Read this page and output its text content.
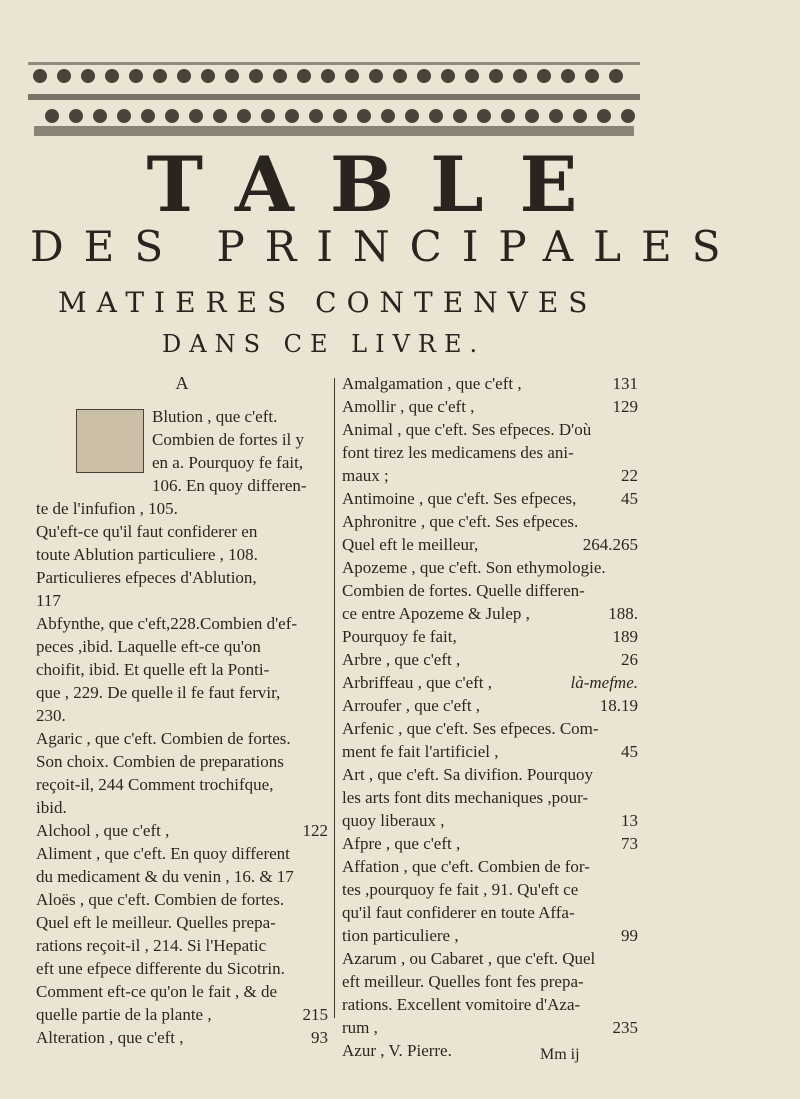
TABLE
DES PRINCIPALES
MATIERES CONTENVES
DANS CE LIVRE.
A
Blution , que c'eft.
Combien de fortes il y
en a. Pourquoy fe fait,
106. En quoy differen-
te de l'infufion , 105.
Qu'eft-ce qu'il faut confiderer en
toute Ablution particuliere , 108.
Particulieres efpeces d'Ablution,
117
Abfynthe, que c'eft,228.Combien d'ef-
peces ,ibid. Laquelle eft-ce qu'on
choifit, ibid. Et quelle eft la Ponti-
que , 229. De quelle il fe faut fervir,
230.
Agaric , que c'eft. Combien de fortes.
Son choix. Combien de preparations
reçoit-il, 244 Comment trochifque,
ibid.
Alchool , que c'eft ,	122
Aliment , que c'eft. En quoy different
du medicament & du venin , 16. & 17
Aloës , que c'eft. Combien de fortes.
Quel eft le meilleur. Quelles prepa-
rations reçoit-il , 214. Si l'Hepatic
eft une efpece differente du Sicotrin.
Comment eft-ce qu'on le fait , & de
quelle partie de la plante ,	215
Alteration , que c'eft ,	93
Amalgamation , que c'eft ,	131
Amollir , que c'eft ,	129
Animal , que c'eft. Ses efpeces. D'où
font tirez les medicamens des ani-
maux ;	22
Antimoine , que c'eft. Ses efpeces,	45
Aphronitre , que c'eft. Ses efpeces.
Quel eft le meilleur,	264.265
Apozeme , que c'eft. Son ethymologie.
Combien de fortes. Quelle differen-
ce entre Apozeme & Julep ,	188.
Pourquoy fe fait,	189
Arbre , que c'eft ,	26
Arbriffeau , que c'eft ,	là-mefme.
Arroufer , que c'eft ,	18.19
Arfenic , que c'eft. Ses efpeces. Com-
ment fe fait l'artificiel ,	45
Art , que c'eft. Sa divifion. Pourquoy
les arts font dits mechaniques ,pour-
quoy liberaux ,	13
Afpre , que c'eft ,	73
Affation , que c'eft. Combien de for-
tes ,pourquoy fe fait , 91. Qu'eft ce
qu'il faut confiderer en toute Affa-
tion particuliere ,	99
Azarum , ou Cabaret , que c'eft. Quel
eft meilleur. Quelles font fes prepa-
rations. Excellent vomitoire d'Aza-
rum ,	235
Azur , V. Pierre.	Mm ij
